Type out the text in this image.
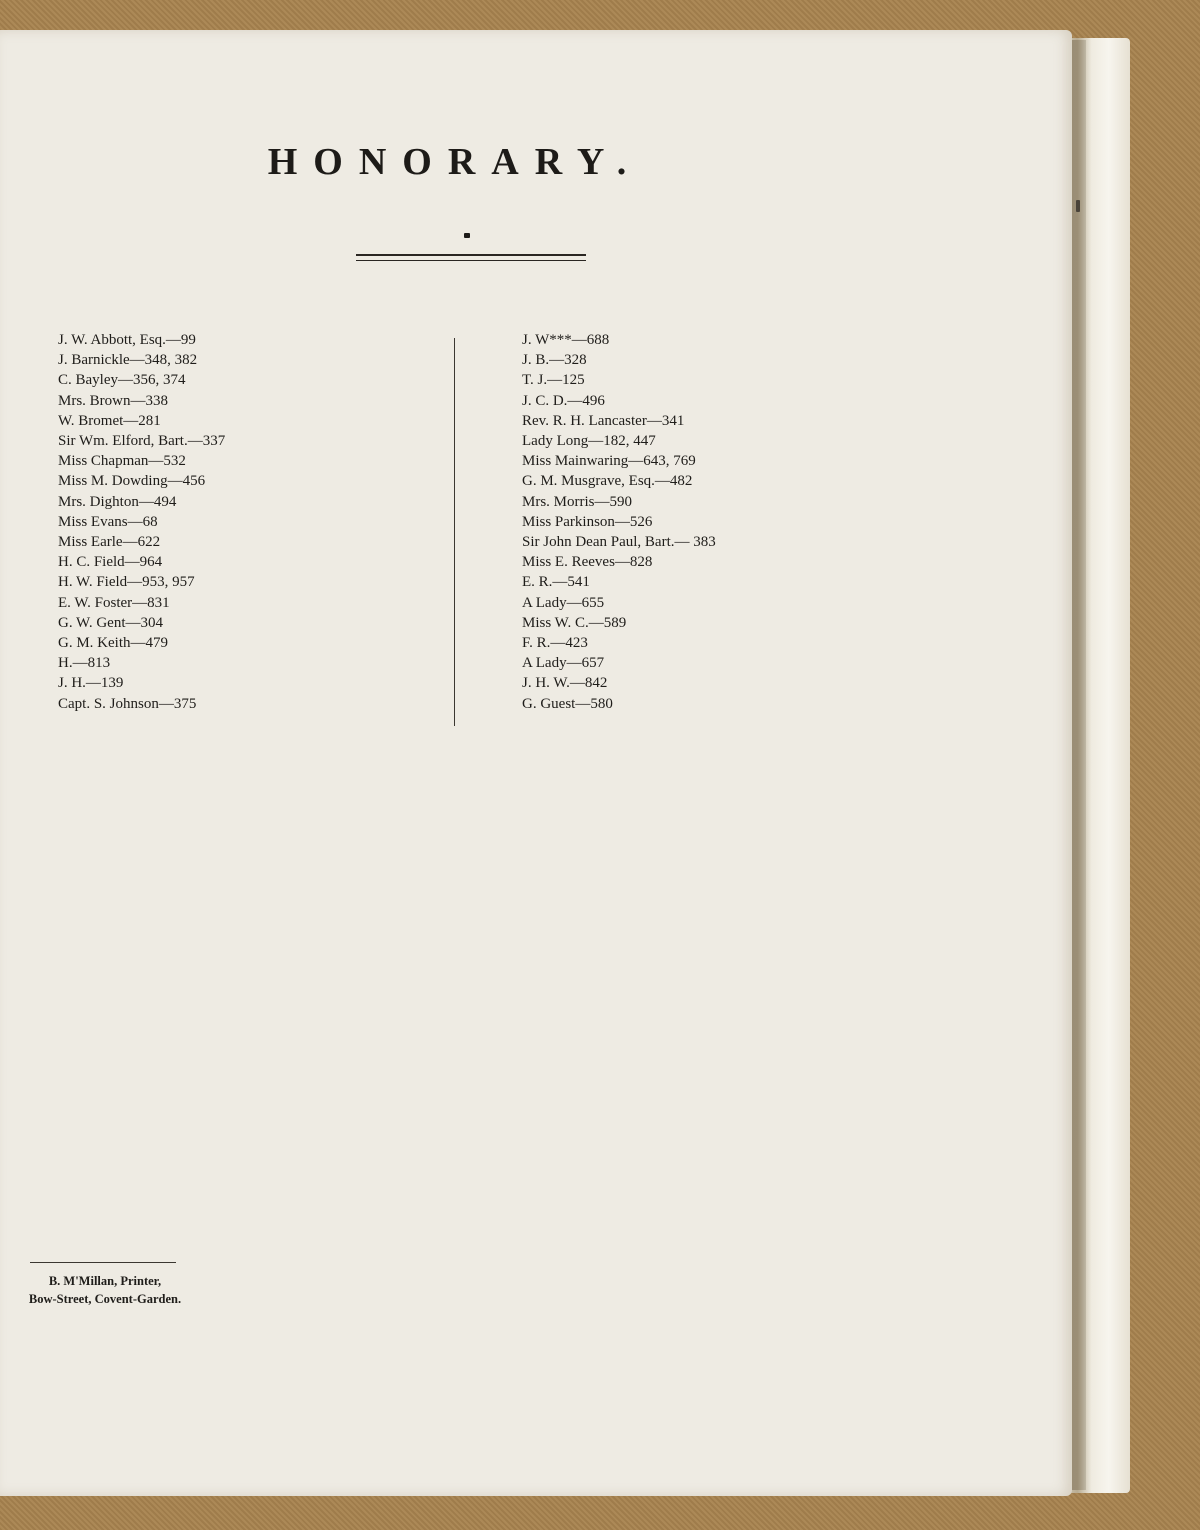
HONORARY.
J. W. Abbott, Esq.—99
J. Barnickle—348, 382
C. Bayley—356, 374
Mrs. Brown—338
W. Bromet—281
Sir Wm. Elford, Bart.—337
Miss Chapman—532
Miss M. Dowding—456
Mrs. Dighton—494
Miss Evans—68
Miss Earle—622
H. C. Field—964
H. W. Field—953, 957
E. W. Foster—831
G. W. Gent—304
G. M. Keith—479
H.—813
J. H.—139
Capt. S. Johnson—375
J. W***—688
J. B.—328
T. J.—125
J. C. D.—496
Rev. R. H. Lancaster—341
Lady Long—182, 447
Miss Mainwaring—643, 769
G. M. Musgrave, Esq.—482
Mrs. Morris—590
Miss Parkinson—526
Sir John Dean Paul, Bart.— 383
Miss E. Reeves—828
E. R.—541
A Lady—655
Miss W. C.—589
F. R.—423
A Lady—657
J. H. W.—842
G. Guest—580
B. M'Millan, Printer,
Bow-Street, Covent-Garden.
